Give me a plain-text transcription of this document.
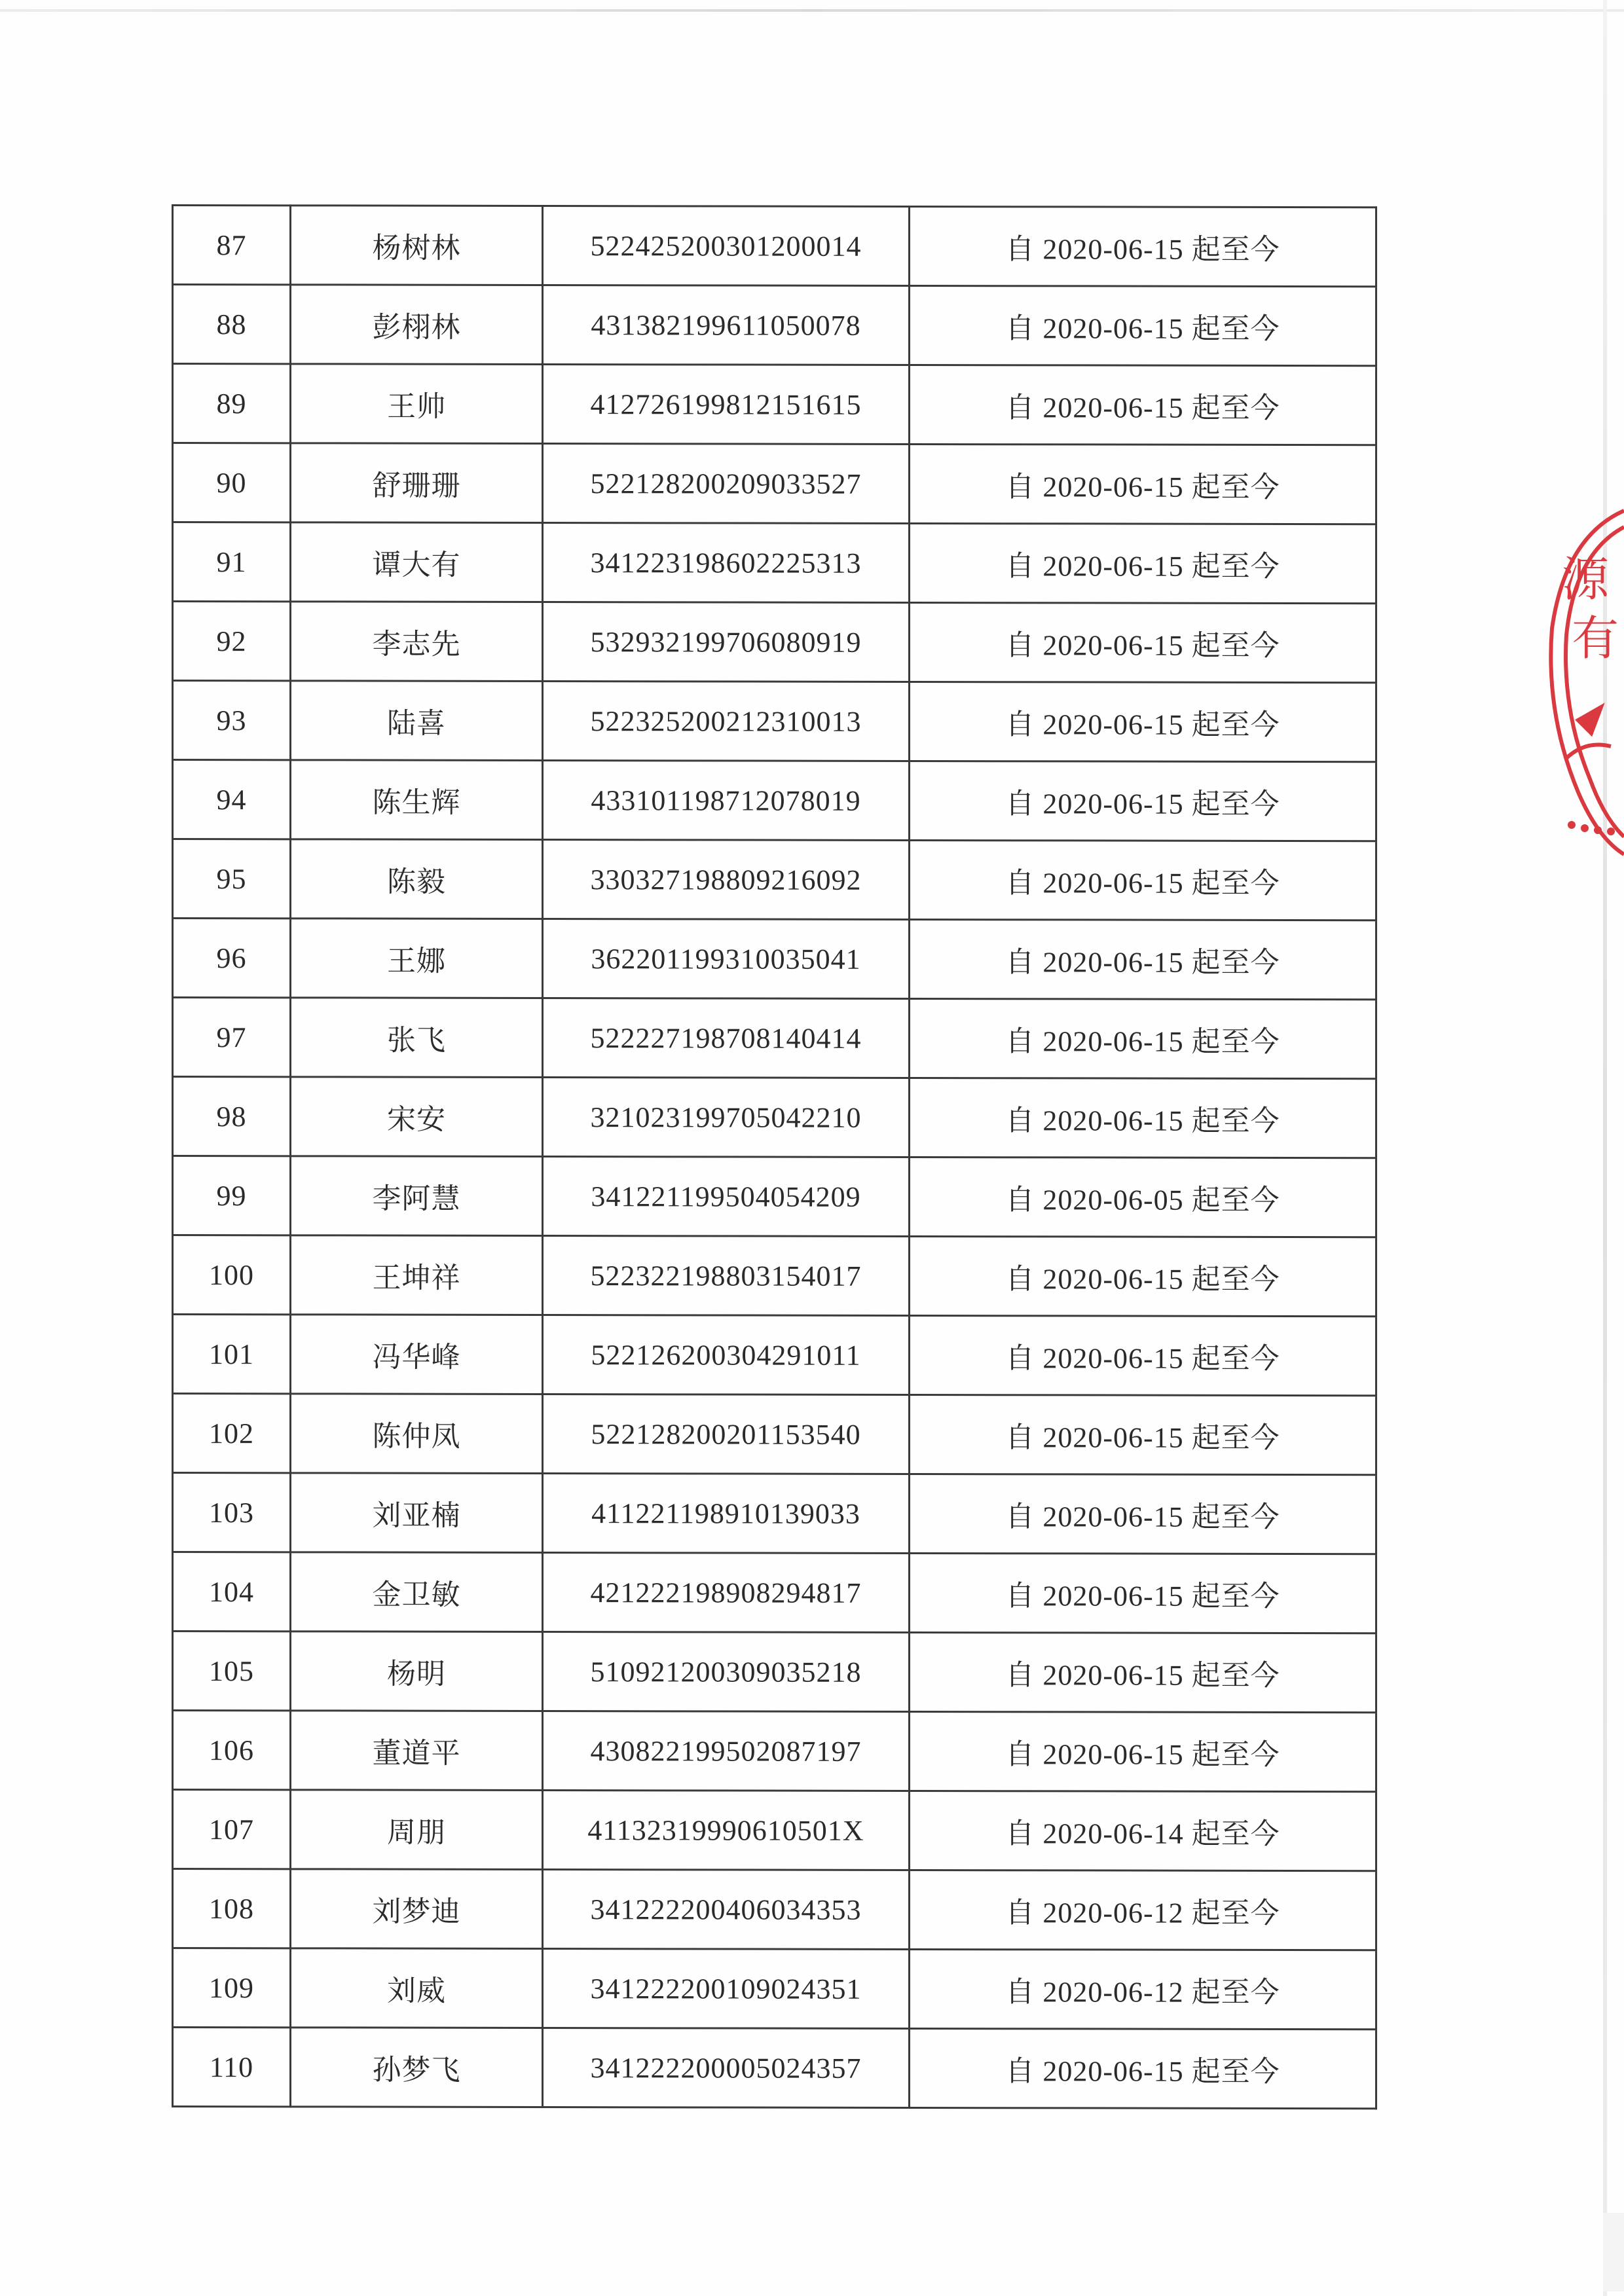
87	杨树林	522425200301200014	自 2020-06-15 起至今
88	彭栩林	431382199611050078	自 2020-06-15 起至今
89	王帅	412726199812151615	自 2020-06-15 起至今
90	舒珊珊	522128200209033527	自 2020-06-15 起至今
91	谭大有	341223198602225313	自 2020-06-15 起至今
92	李志先	532932199706080919	自 2020-06-15 起至今
93	陆喜	522325200212310013	自 2020-06-15 起至今
94	陈生辉	433101198712078019	自 2020-06-15 起至今
95	陈毅	330327198809216092	自 2020-06-15 起至今
96	王娜	362201199310035041	自 2020-06-15 起至今
97	张飞	522227198708140414	自 2020-06-15 起至今
98	宋安	321023199705042210	自 2020-06-15 起至今
99	李阿慧	341221199504054209	自 2020-06-05 起至今
100	王坤祥	522322198803154017	自 2020-06-15 起至今
101	冯华峰	522126200304291011	自 2020-06-15 起至今
102	陈仲凤	522128200201153540	自 2020-06-15 起至今
103	刘亚楠	411221198910139033	自 2020-06-15 起至今
104	金卫敏	421222198908294817	自 2020-06-15 起至今
105	杨明	510921200309035218	自 2020-06-15 起至今
106	董道平	430822199502087197	自 2020-06-15 起至今
107	周朋	41132319990610501X	自 2020-06-14 起至今
108	刘梦迪	341222200406034353	自 2020-06-12 起至今
109	刘威	341222200109024351	自 2020-06-12 起至今
110	孙梦飞	341222200005024357	自 2020-06-15 起至今
源
有
